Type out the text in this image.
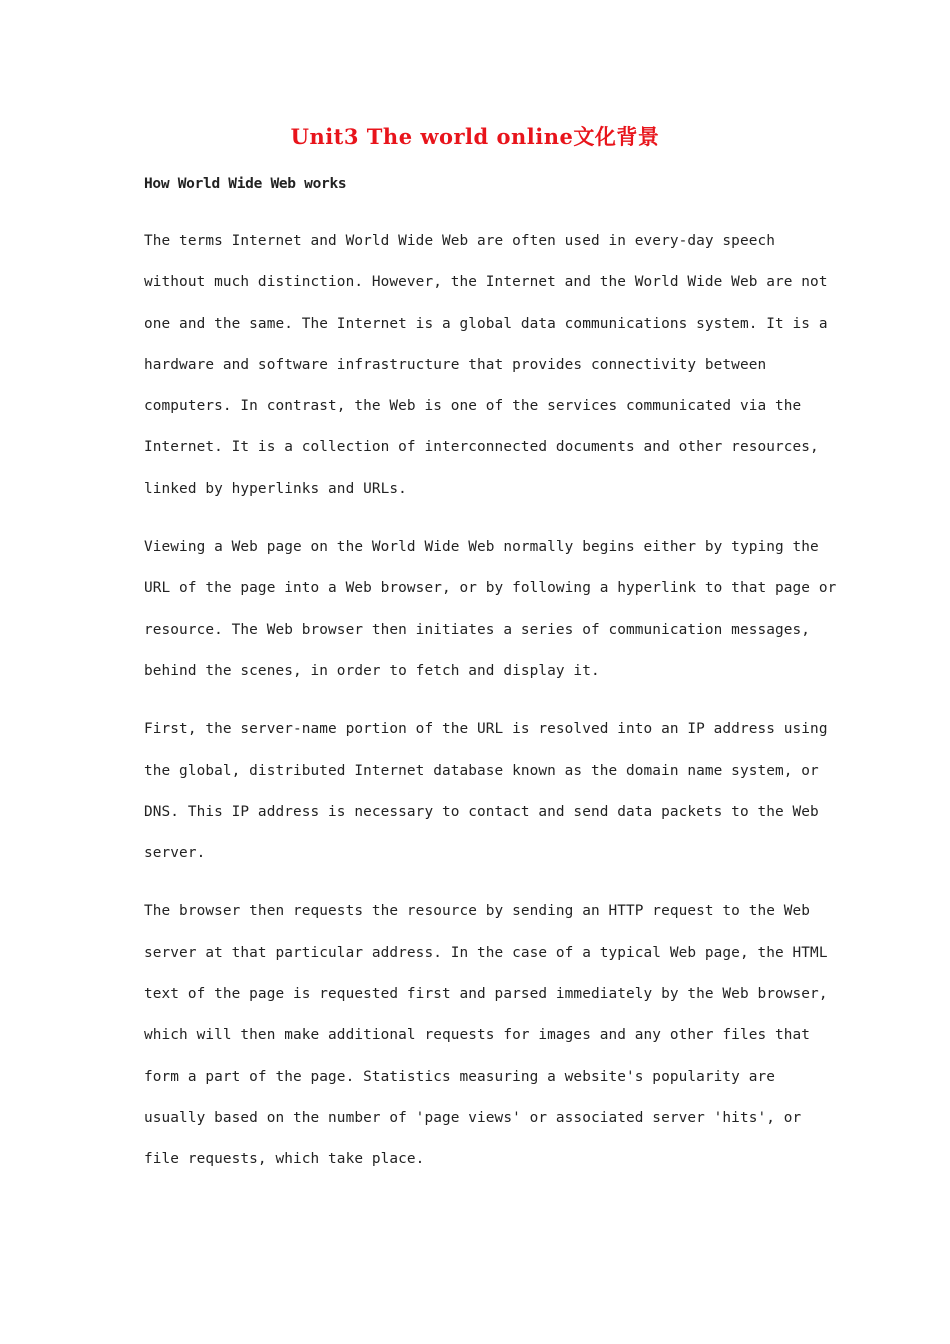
Unit3 The world online文化背景
How World Wide Web works

The terms Internet and World Wide Web are often used in every-day speech
without much distinction. However, the Internet and the World Wide Web are not
one and the same. The Internet is a global data communications system. It is a
hardware and software infrastructure that provides connectivity between
computers. In contrast, the Web is one of the services communicated via the
Internet. It is a collection of interconnected documents and other resources,
linked by hyperlinks and URLs.

Viewing a Web page on the World Wide Web normally begins either by typing the
URL of the page into a Web browser, or by following a hyperlink to that page or
resource. The Web browser then initiates a series of communication messages,
behind the scenes, in order to fetch and display it.

First, the server-name portion of the URL is resolved into an IP address using
the global, distributed Internet database known as the domain name system, or
DNS. This IP address is necessary to contact and send data packets to the Web
server.

The browser then requests the resource by sending an HTTP request to the Web
server at that particular address. In the case of a typical Web page, the HTML
text of the page is requested first and parsed immediately by the Web browser,
which will then make additional requests for images and any other files that
form a part of the page. Statistics measuring a website's popularity are
usually based on the number of 'page views' or associated server 'hits', or
file requests, which take place.
